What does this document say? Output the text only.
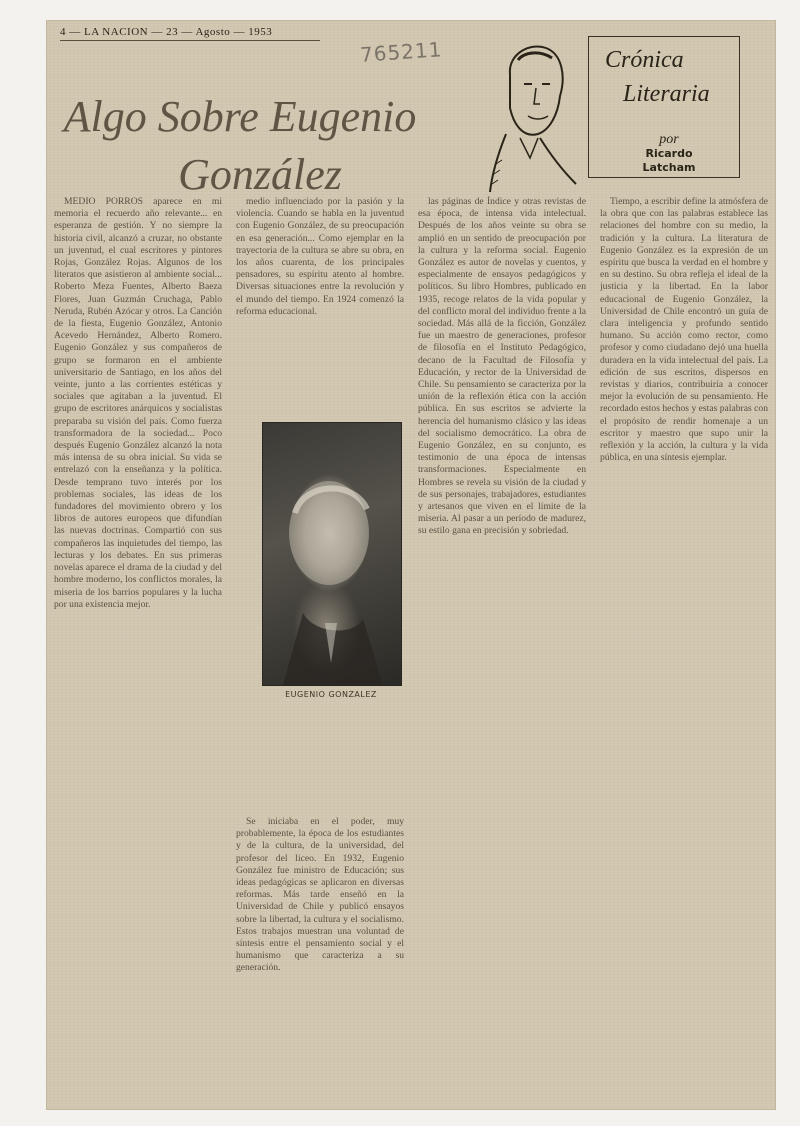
4 — LA NACION — 23 — Agosto — 1953
765211
Algo Sobre Eugenio
González
Crónica
Literaria
por
Ricardo
Latcham

MEDIO PORROS aparece en mi memoria el recuerdo año relevante... en esperanza de gestión. Y no siempre la historia civil, alcanzó a cruzar, no obstante un juventud, el cual escritores y pintores Rojas, González Rojas. Algunos de los literatos que asistieron al ambiente social... Roberto Meza Fuentes, Alberto Baeza Flores, Juan Guzmán Cruchaga, Pablo Neruda, Rubén Azócar y otros. La Canción de la fiesta, Eugenio González, Antonio Acevedo Hernández, Alberto Romero. Eugenio González y sus compañeros de grupo se formaron en el ambiente universitario de Santiago, en los años del veinte, junto a las corrientes estéticas y sociales que agitaban a la juventud. El grupo de escritores anárquicos y socialistas preparaba su visión del país. Como fuerza transformadora de la sociedad... Poco después Eugenio González alcanzó la nota más intensa de su obra inicial. Su vida se entrelazó con la enseñanza y la política. Desde temprano tuvo interés por los problemas sociales, las ideas de los fundadores del movimiento obrero y los libros de autores europeos que difundían las nuevas doctrinas. Compartió con sus compañeros las inquietudes del tiempo, las lecturas y los debates. En sus primeras novelas aparece el drama de la ciudad y del hombre moderno, los conflictos morales, la miseria de los barrios populares y la lucha por una existencia mejor.

medio influenciado por la pasión y la violencia. Cuando se habla en la juventud con Eugenio González, de su preocupación en esa generación... Como ejemplar en la trayectoria de la cultura se abre su obra, en los años cuarenta, de los principales pensadores, su espíritu atento al hombre. Diversas situaciones entre la revolución y el mundo del tiempo. En 1924 comenzó la reforma educacional.

Se iniciaba en el poder, muy probablemente, la época de los estudiantes y de la cultura, de la universidad, del profesor del liceo. En 1932, Eugenio González fue ministro de Educación; sus ideas pedagógicas se aplicaron en diversas reformas. Más tarde enseñó en la Universidad de Chile y publicó ensayos sobre la libertad, la cultura y el socialismo. Estos trabajos muestran una voluntad de síntesis entre el pensamiento social y el humanismo que caracteriza a su generación.

las páginas de Índice y otras revistas de esa época, de intensa vida intelectual. Después de los años veinte su obra se amplió en un sentido de preocupación por la cultura y la reforma social. Eugenio González es autor de novelas y cuentos, y especialmente de ensayos pedagógicos y políticos. Su libro Hombres, publicado en 1935, recoge relatos de la vida popular y del conflicto moral del individuo frente a la sociedad. Más allá de la ficción, González fue un maestro de generaciones, profesor de filosofía en el Instituto Pedagógico, decano de la Facultad de Filosofía y Educación, y rector de la Universidad de Chile. Su pensamiento se caracteriza por la unión de la reflexión ética con la acción pública. En sus escritos se advierte la herencia del humanismo clásico y las ideas del socialismo democrático. La obra de Eugenio González, en su conjunto, es testimonio de una época de intensas transformaciones. Especialmente en Hombres se revela su visión de la ciudad y de sus personajes, trabajadores, estudiantes y artesanos que viven en el límite de la miseria. Al pasar a un período de madurez, su estilo gana en precisión y sobriedad.

Tiempo, a escribir define la atmósfera de la obra que con las palabras establece las relaciones del hombre con su medio, la tradición y la cultura. La literatura de Eugenio González es la expresión de un espíritu que busca la verdad en el hombre y en su destino. Su obra refleja el ideal de la justicia y la libertad. En la labor educacional de Eugenio González, la Universidad de Chile encontró un guía de clara inteligencia y profundo sentido humano. Su acción como rector, como profesor y como ciudadano dejó una huella duradera en la vida intelectual del país. La edición de sus escritos, dispersos en revistas y diarios, contribuiría a conocer mejor la evolución de su pensamiento. He recordado estos hechos y estas palabras con el propósito de rendir homenaje a un escritor y maestro que supo unir la reflexión y la acción, la cultura y la vida pública, en una síntesis ejemplar.

EUGENIO GONZALEZ
